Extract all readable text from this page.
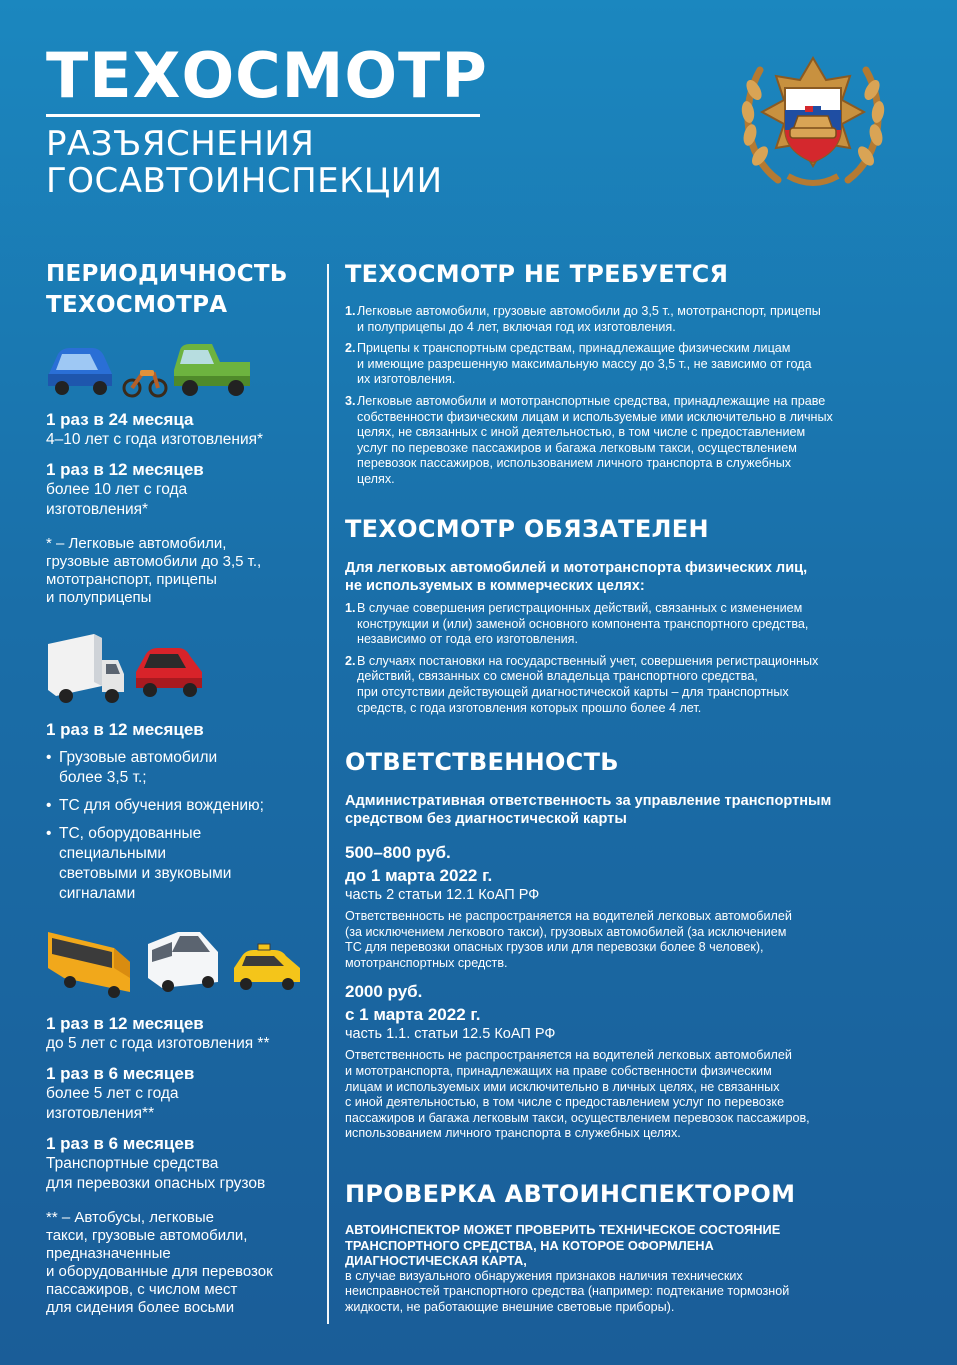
ТЕХОСМОТР
РАЗЪЯСНЕНИЯ
ГОСАВТОИНСПЕКЦИИ
ПЕРИОДИЧНОСТЬ
ТЕХОСМОТРА
1 раз в 24 месяца
4–10 лет с года изготовления*
1 раз в 12 месяцев
более 10 лет с года
изготовления*
* – Легковые автомобили,
грузовые автомобили до 3,5 т.,
мототранспорт, прицепы
и полуприцепы
1 раз в 12 месяцев
• Грузовые автомобили
более 3,5 т.;
• ТС для обучения вождению;
• ТС, оборудованные
специальными
световыми и звуковыми
сигналами
1 раз в 12 месяцев
до 5 лет с года изготовления **
1 раз в 6 месяцев
более 5 лет с года
изготовления**
1 раз в 6 месяцев
Транспортные средства
для перевозки опасных грузов
** – Автобусы, легковые
такси, грузовые автомобили,
предназначенные
и оборудованные для перевозок
пассажиров, с числом мест
для сидения более восьми
ТЕХОСМОТР НЕ ТРЕБУЕТСЯ
1. Легковые автомобили, грузовые автомобили до 3,5 т., мототранспорт, прицепы
и полуприцепы до 4 лет, включая год их изготовления.
2. Прицепы к транспортным средствам, принадлежащие физическим лицам
и имеющие разрешенную максимальную массу до 3,5 т., не зависимо от года
их изготовления.
3. Легковые автомобили и мототранспортные средства, принадлежащие на праве
собственности физическим лицам и используемые ими исключительно в личных
целях, не связанных с иной деятельностью, в том числе с предоставлением
услуг по перевозке пассажиров и багажа легковым такси, осуществлением
перевозок пассажиров, использованием личного транспорта в служебных
целях.
ТЕХОСМОТР ОБЯЗАТЕЛЕН
Для легковых автомобилей и мототранспорта физических лиц,
не используемых в коммерческих целях:
1. В случае совершения регистрационных действий, связанных с изменением
конструкции и (или) заменой основного компонента транспортного средства,
независимо от года его изготовления.
2. В случаях постановки на государственный учет, совершения регистрационных
действий, связанных со сменой владельца транспортного средства,
при отсутствии действующей диагностической карты – для транспортных
средств, с года изготовления которых прошло более 4 лет.
ОТВЕТСТВЕННОСТЬ
Административная ответственность за управление транспортным
средством без диагностической карты
500–800 руб.
до 1 марта 2022 г.
часть 2 статьи 12.1 КоАП РФ
Ответственность не распространяется на водителей легковых автомобилей
(за исключением легкового такси), грузовых автомобилей (за исключением
ТС для перевозки опасных грузов или для перевозки более 8 человек),
мототранспортных средств.
2000 руб.
с 1 марта 2022 г.
часть 1.1. статьи 12.5 КоАП РФ
Ответственность не распространяется на водителей легковых автомобилей
и мототранспорта, принадлежащих на праве собственности физическим
лицам и используемых ими исключительно в личных целях, не связанных
с иной деятельностью, в том числе с предоставлением услуг по перевозке
пассажиров и багажа легковым такси, осуществлением перевозок пассажиров,
использованием личного транспорта в служебных целях.
ПРОВЕРКА АВТОИНСПЕКТОРОМ
АВТОИНСПЕКТОР МОЖЕТ ПРОВЕРИТЬ ТЕХНИЧЕСКОЕ СОСТОЯНИЕ
ТРАНСПОРТНОГО СРЕДСТВА, НА КОТОРОЕ ОФОРМЛЕНА
ДИАГНОСТИЧЕСКАЯ КАРТА,
в случае визуального обнаружения признаков наличия технических
неисправностей транспортного средства (например: подтекание тормозной
жидкости, не работающие внешние световые приборы).
